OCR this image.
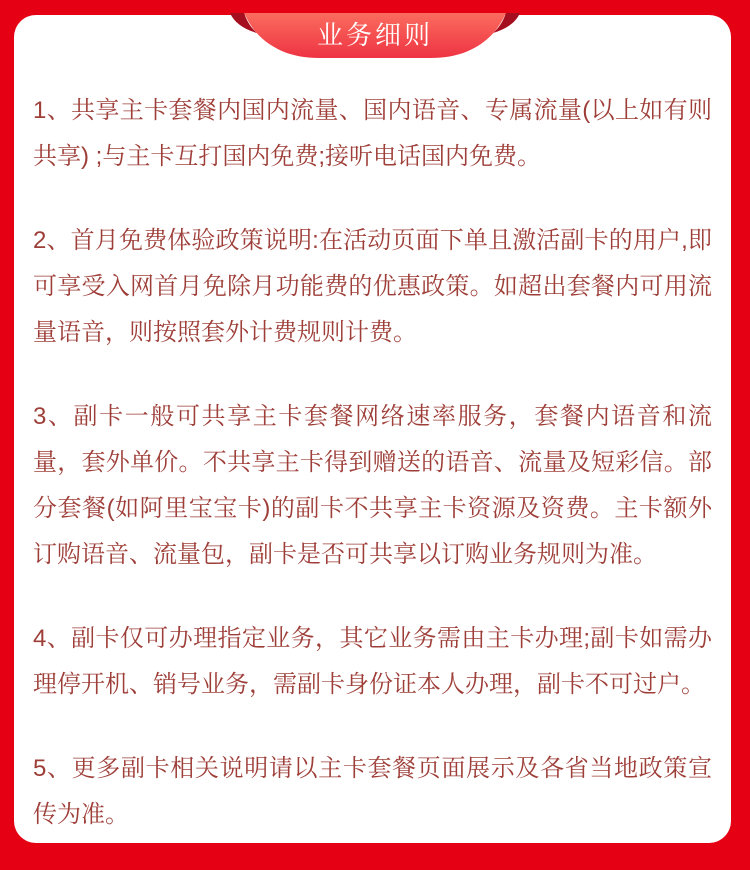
1、共享主卡套餐内国内流量、国内语音、专属流量(以上如有则共享) ;与主卡互打国内免费;接听电话国内免费。

2、首月免费体验政策说明:在活动页面下单且激活副卡的用户,即可享受入网首月免除月功能费的优惠政策。如超出套餐内可用流量语音，则按照套外计费规则计费。

3、副卡一般可共享主卡套餐网络速率服务，套餐内语音和流量，套外单价。不共享主卡得到赠送的语音、流量及短彩信。部分套餐(如阿里宝宝卡)的副卡不共享主卡资源及资费。主卡额外订购语音、流量包，副卡是否可共享以订购业务规则为准。

4、副卡仅可办理指定业务，其它业务需由主卡办理;副卡如需办理停开机、销号业务，需副卡身份证本人办理，副卡不可过户。

5、更多副卡相关说明请以主卡套餐页面展示及各省当地政策宣传为准。

业务细则
